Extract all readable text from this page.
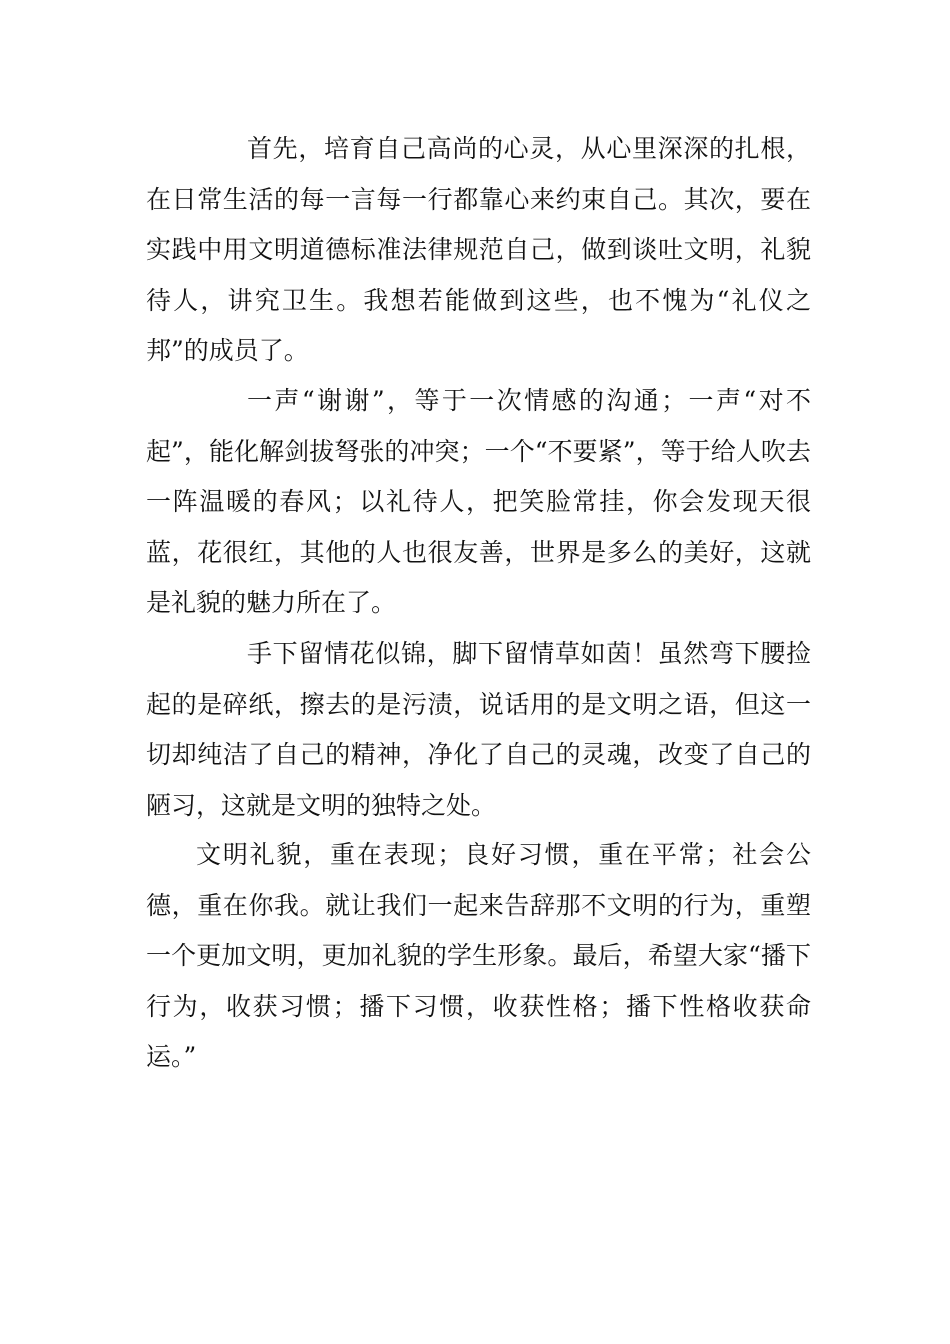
首先，培育自己高尚的心灵，从心里深深的扎根，在日常生活的每一言每一行都靠心来约束自己。其次，要在实践中用文明道德标准法律规范自己，做到谈吐文明，礼貌待人，讲究卫生。我想若能做到这些，也不愧为“礼仪之邦”的成员了。

一声“谢谢”，等于一次情感的沟通；一声“对不起”，能化解剑拔弩张的冲突；一个“不要紧”，等于给人吹去一阵温暖的春风；以礼待人，把笑脸常挂，你会发现天很蓝，花很红，其他的人也很友善，世界是多么的美好，这就是礼貌的魅力所在了。

手下留情花似锦，脚下留情草如茵！虽然弯下腰捡起的是碎纸，擦去的是污渍，说话用的是文明之语，但这一切却纯洁了自己的精神，净化了自己的灵魂，改变了自己的陋习，这就是文明的独特之处。

文明礼貌，重在表现；良好习惯，重在平常；社会公德，重在你我。就让我们一起来告辞那不文明的行为，重塑一个更加文明，更加礼貌的学生形象。最后，希望大家“播下行为，收获习惯；播下习惯，收获性格；播下性格收获命运。”
